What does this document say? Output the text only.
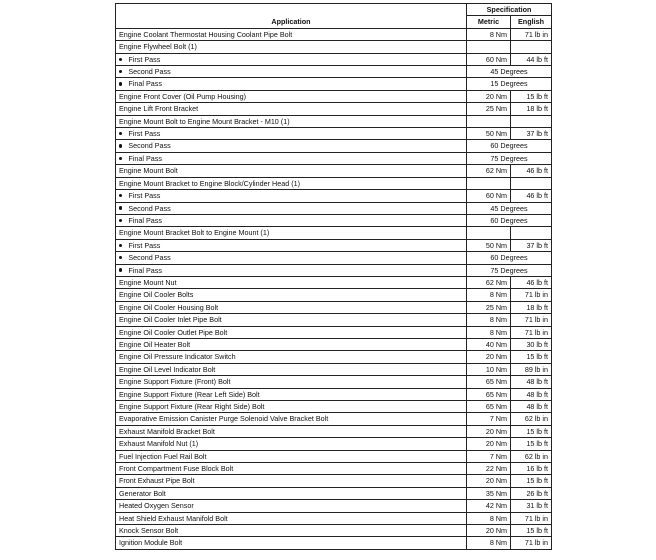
Application	Specification	
	Metric	English
Engine Coolant Thermostat Housing Coolant Pipe Bolt	8 Nm	71 lb in
Engine Flywheel Bolt (1)		
First Pass	60 Nm	44 lb ft
Second Pass	45 Degrees	
Final Pass	15 Degrees	
Engine Front Cover (Oil Pump Housing)	20 Nm	15 lb ft
Engine Lift Front Bracket	25 Nm	18 lb ft
Engine Mount Bolt to Engine Mount Bracket - M10 (1)		
First Pass	50 Nm	37 lb ft
Second Pass	60 Degrees	
Final Pass	75 Degrees	
Engine Mount Bolt	62 Nm	46 lb ft
Engine Mount Bracket to Engine Block/Cylinder Head (1)		
First Pass	60 Nm	46 lb ft
Second Pass	45 Degrees	
Final Pass	60 Degrees	
Engine Mount Bracket Bolt to Engine Mount (1)		
First Pass	50 Nm	37 lb ft
Second Pass	60 Degrees	
Final Pass	75 Degrees	
Engine Mount Nut	62 Nm	46 lb ft
Engine Oil Cooler Bolts	8 Nm	71 lb in
Engine Oil Cooler Housing Bolt	25 Nm	18 lb ft
Engine Oil Cooler Inlet Pipe Bolt	8 Nm	71 lb in
Engine Oil Cooler Outlet Pipe Bolt	8 Nm	71 lb in
Engine Oil Heater Bolt	40 Nm	30 lb ft
Engine Oil Pressure Indicator Switch	20 Nm	15 lb ft
Engine Oil Level Indicator Bolt	10 Nm	89 lb in
Engine Support Fixture (Front) Bolt	65 Nm	48 lb ft
Engine Support Fixture (Rear Left Side) Bolt	65 Nm	48 lb ft
Engine Support Fixture (Rear Right Side) Bolt	65 Nm	48 lb ft
Evaporative Emission Canister Purge Solenoid Valve Bracket Bolt	7 Nm	62 lb in
Exhaust Manifold Bracket Bolt	20 Nm	15 lb ft
Exhaust Manifold Nut (1)	20 Nm	15 lb ft
Fuel Injection Fuel Rail Bolt	7 Nm	62 lb in
Front Compartment Fuse Block Bolt	22 Nm	16 lb ft
Front Exhaust Pipe Bolt	20 Nm	15 lb ft
Generator Bolt	35 Nm	26 lb ft
Heated Oxygen Sensor	42 Nm	31 lb ft
Heat Shield Exhaust Manifold Bolt	8 Nm	71 lb in
Knock Sensor Bolt	20 Nm	15 lb ft
Ignition Module Bolt	8 Nm	71 lb in
